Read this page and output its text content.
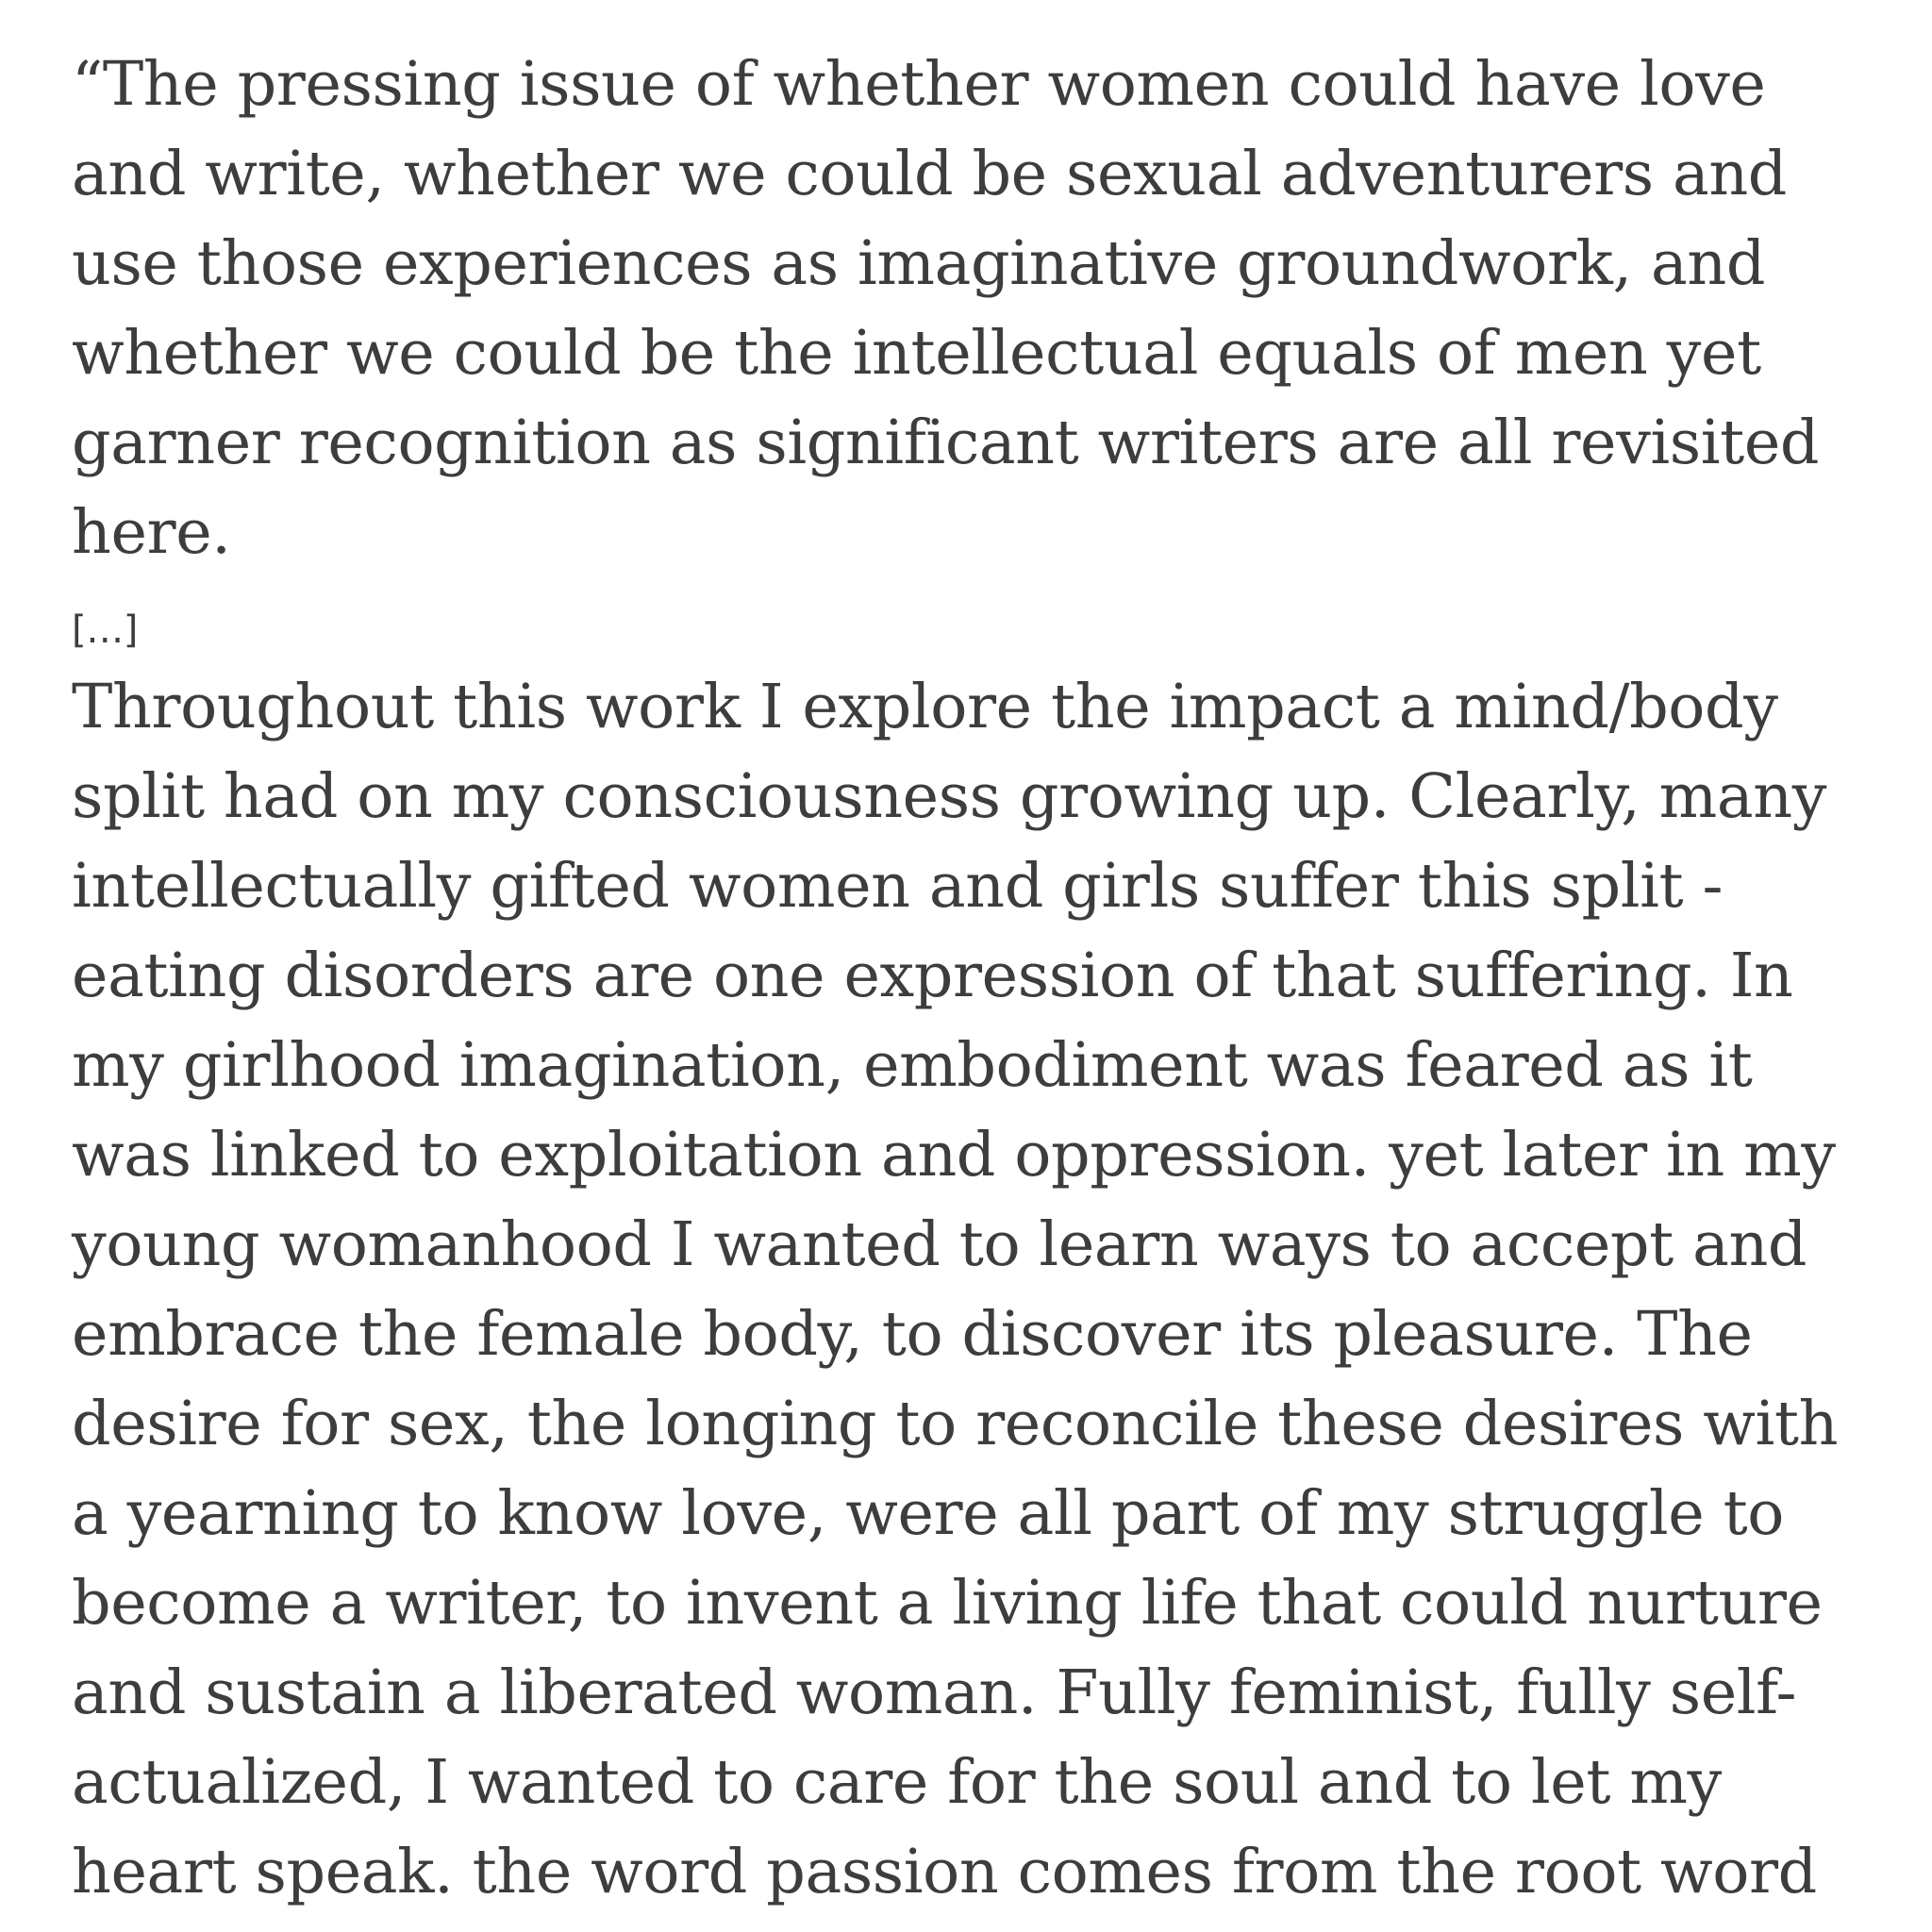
“The pressing issue of whether women could have love
and write, whether we could be sexual adventurers and
use those experiences as imaginative groundwork, and
whether we could be the intellectual equals of men yet
garner recognition as significant writers are all revisited
here.
[…]
Throughout this work I explore the impact a mind/body
split had on my consciousness growing up. Clearly, many
intellectually gifted women and girls suffer this split -
eating disorders are one expression of that suffering. In
my girlhood imagination, embodiment was feared as it
was linked to exploitation and oppression. yet later in my
young womanhood I wanted to learn ways to accept and
embrace the female body, to discover its pleasure. The
desire for sex, the longing to reconcile these desires with
a yearning to know love, were all part of my struggle to
become a writer, to invent a living life that could nurture
and sustain a liberated woman. Fully feminist, fully self-
actualized, I wanted to care for the soul and to let my
heart speak. the word passion comes from the root word
